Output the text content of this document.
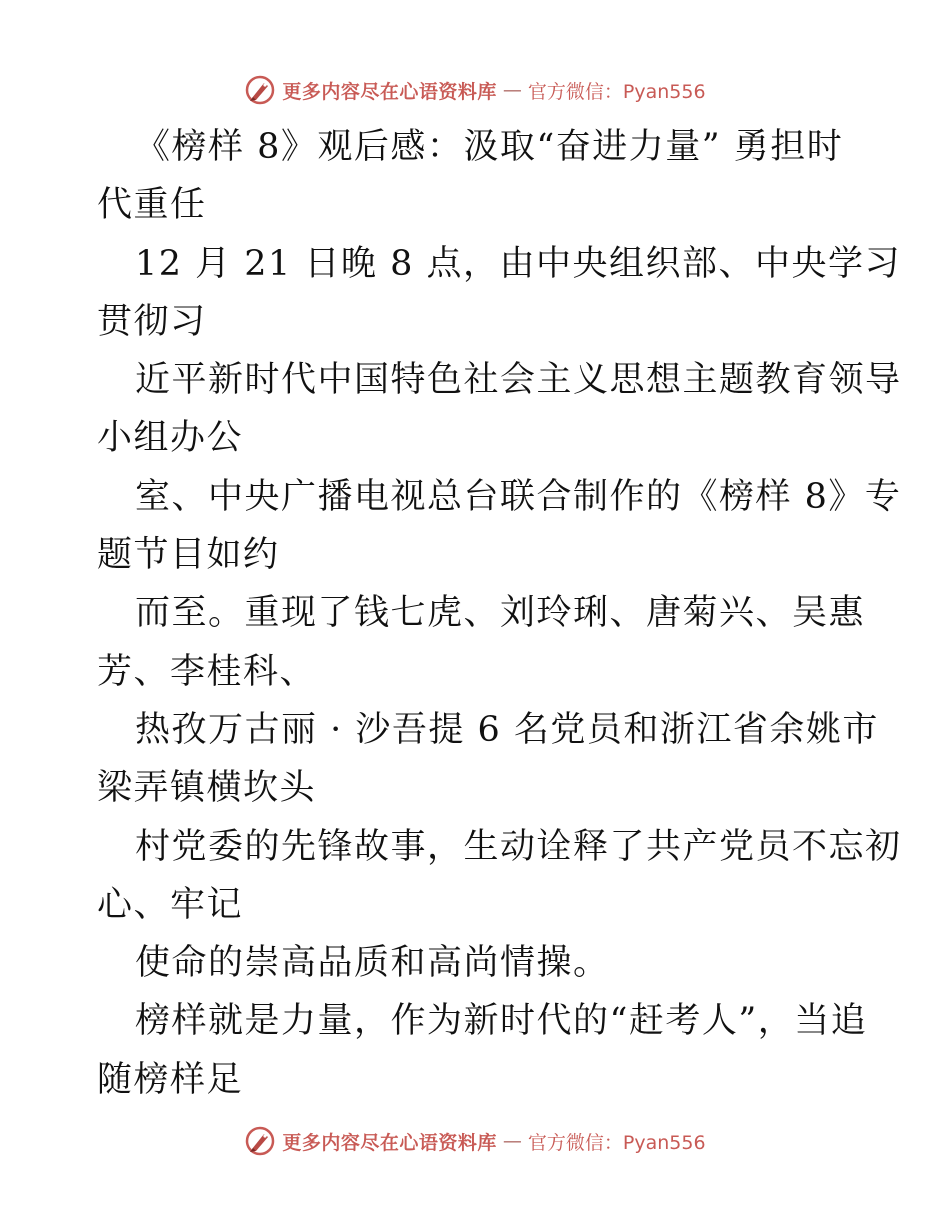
更多内容尽在心语资料库 — 官方微信：Pyan556
《榜样 8》观后感：汲取“奋进力量” 勇担时
代重任
12 月 21 日晚 8 点，由中央组织部、中央学习
贯彻习
近平新时代中国特色社会主义思想主题教育领导
小组办公
室、中央广播电视总台联合制作的《榜样 8》专
题节目如约
而至。重现了钱七虎、刘玲琍、唐菊兴、吴惠
芳、李桂科、
热孜万古丽 · 沙吾提 6 名党员和浙江省余姚市
梁弄镇横坎头
村党委的先锋故事，生动诠释了共产党员不忘初
心、牢记
使命的崇高品质和高尚情操。
榜样就是力量，作为新时代的“赶考人”，当追
随榜样足
更多内容尽在心语资料库 — 官方微信：Pyan556
